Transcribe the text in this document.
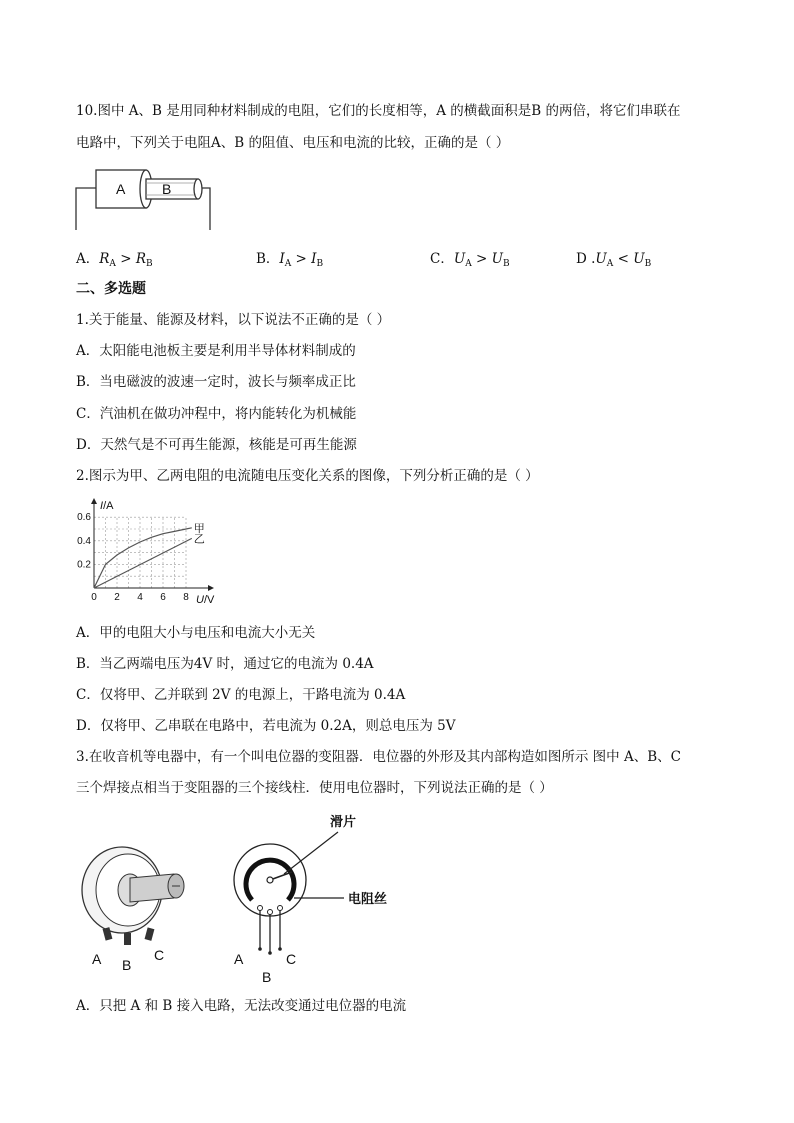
10.图中 A、B 是用同种材料制成的电阻，它们的长度相等，A 的横截面积是B 的两倍，将它们串联在
电路中，下列关于电阻A、B 的阻值、电压和电流的比较，正确的是（ ）
A	B
A．$R_A > R_B$	B．$I_A > I_B$	C．$U_A > U_B$	D $.U_A < U_B$
二、多选题
1.关于能量、能源及材料，以下说法不正确的是（ ）
A．太阳能电池板主要是利用半导体材料制成的
B．当电磁波的波速一定时，波长与频率成正比
C．汽油机在做功冲程中，将内能转化为机械能
D．天然气是不可再生能源，核能是可再生能源
2.图示为甲、乙两电阻的电流随电压变化关系的图像，下列分析正确的是（ ）
甲
乙
0 2 4 6 8
0.2
0.4
0.6
I/A
U/V
A．甲的电阻大小与电压和电流大小无关
B．当乙两端电压为4V 时，通过它的电流为 0.4A
C．仅将甲、乙并联到 2V 的电源上，干路电流为 0.4A
D．仅将甲、乙串联在电路中，若电流为 0.2A，则总电压为 5V
3.在收音机等电器中，有一个叫电位器的变阻器．电位器的外形及其内部构造如图所示 图中 A、B、C
三个焊接点相当于变阻器的三个接线柱．使用电位器时，下列说法正确的是（ ）
A B
C
滑片
电阻丝
A
B
C
A．只把 A 和 B 接入电路，无法改变通过电位器的电流
